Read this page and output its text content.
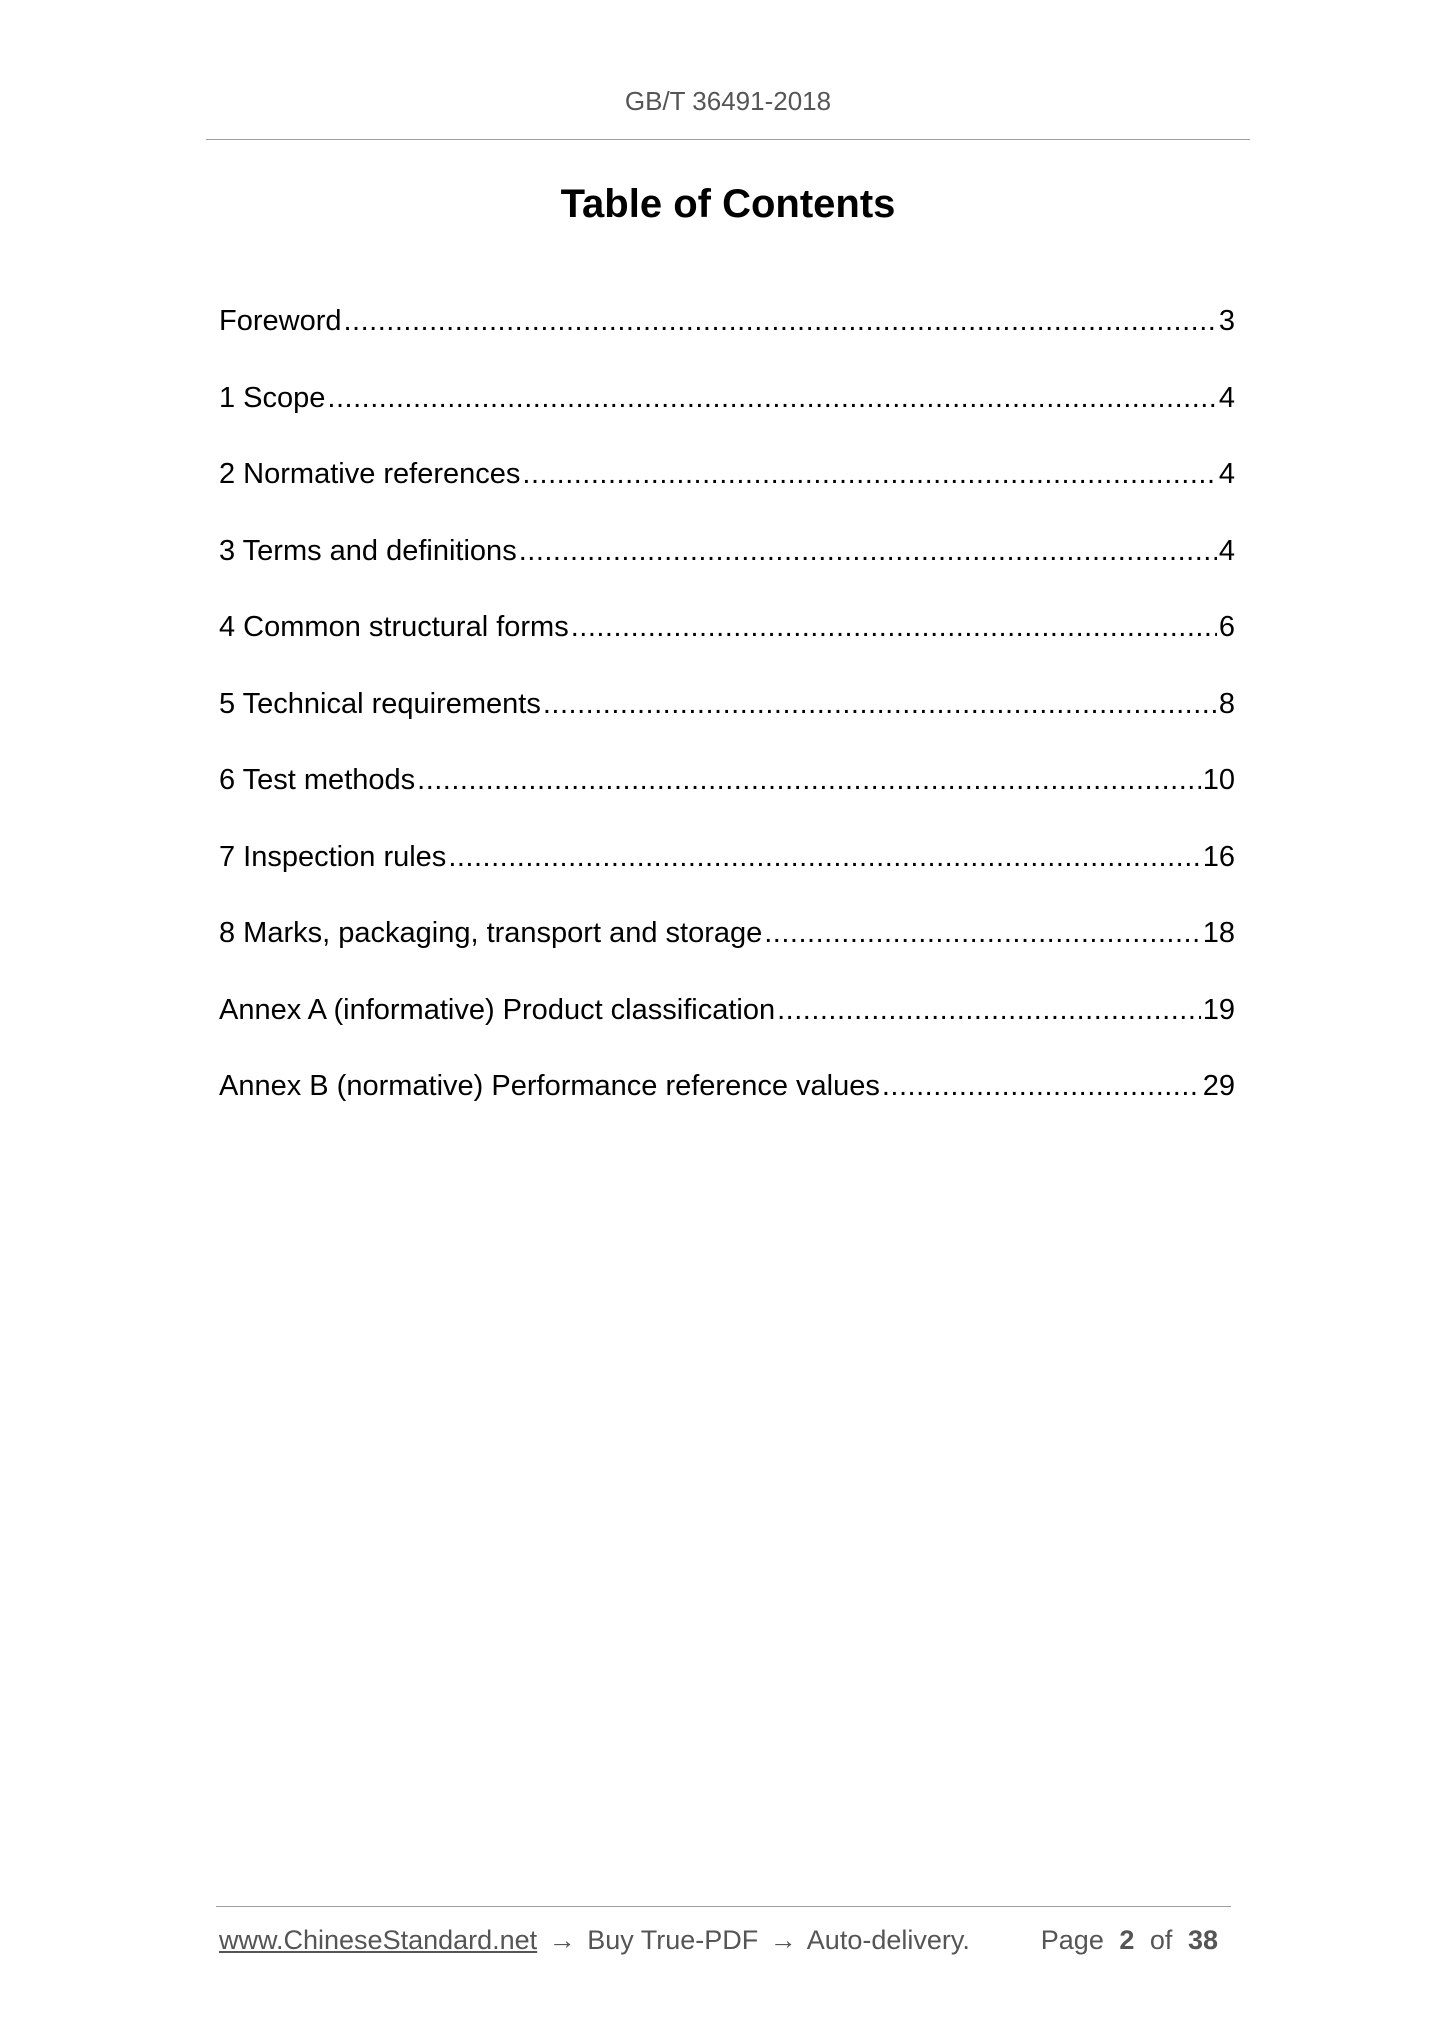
GB/T 36491-2018
Table of Contents
Foreword .....	3
1 Scope .....	4
2 Normative references .....	4
3 Terms and definitions .....	4
4 Common structural forms .....	6
5 Technical requirements .....	8
6 Test methods .....	10
7 Inspection rules .....	16
8 Marks, packaging, transport and storage .....	18
Annex A (informative) Product classification .....	19
Annex B (normative) Performance reference values .....	29
www.ChineseStandard.net → Buy True-PDF → Auto-delivery.	Page 2 of 38
